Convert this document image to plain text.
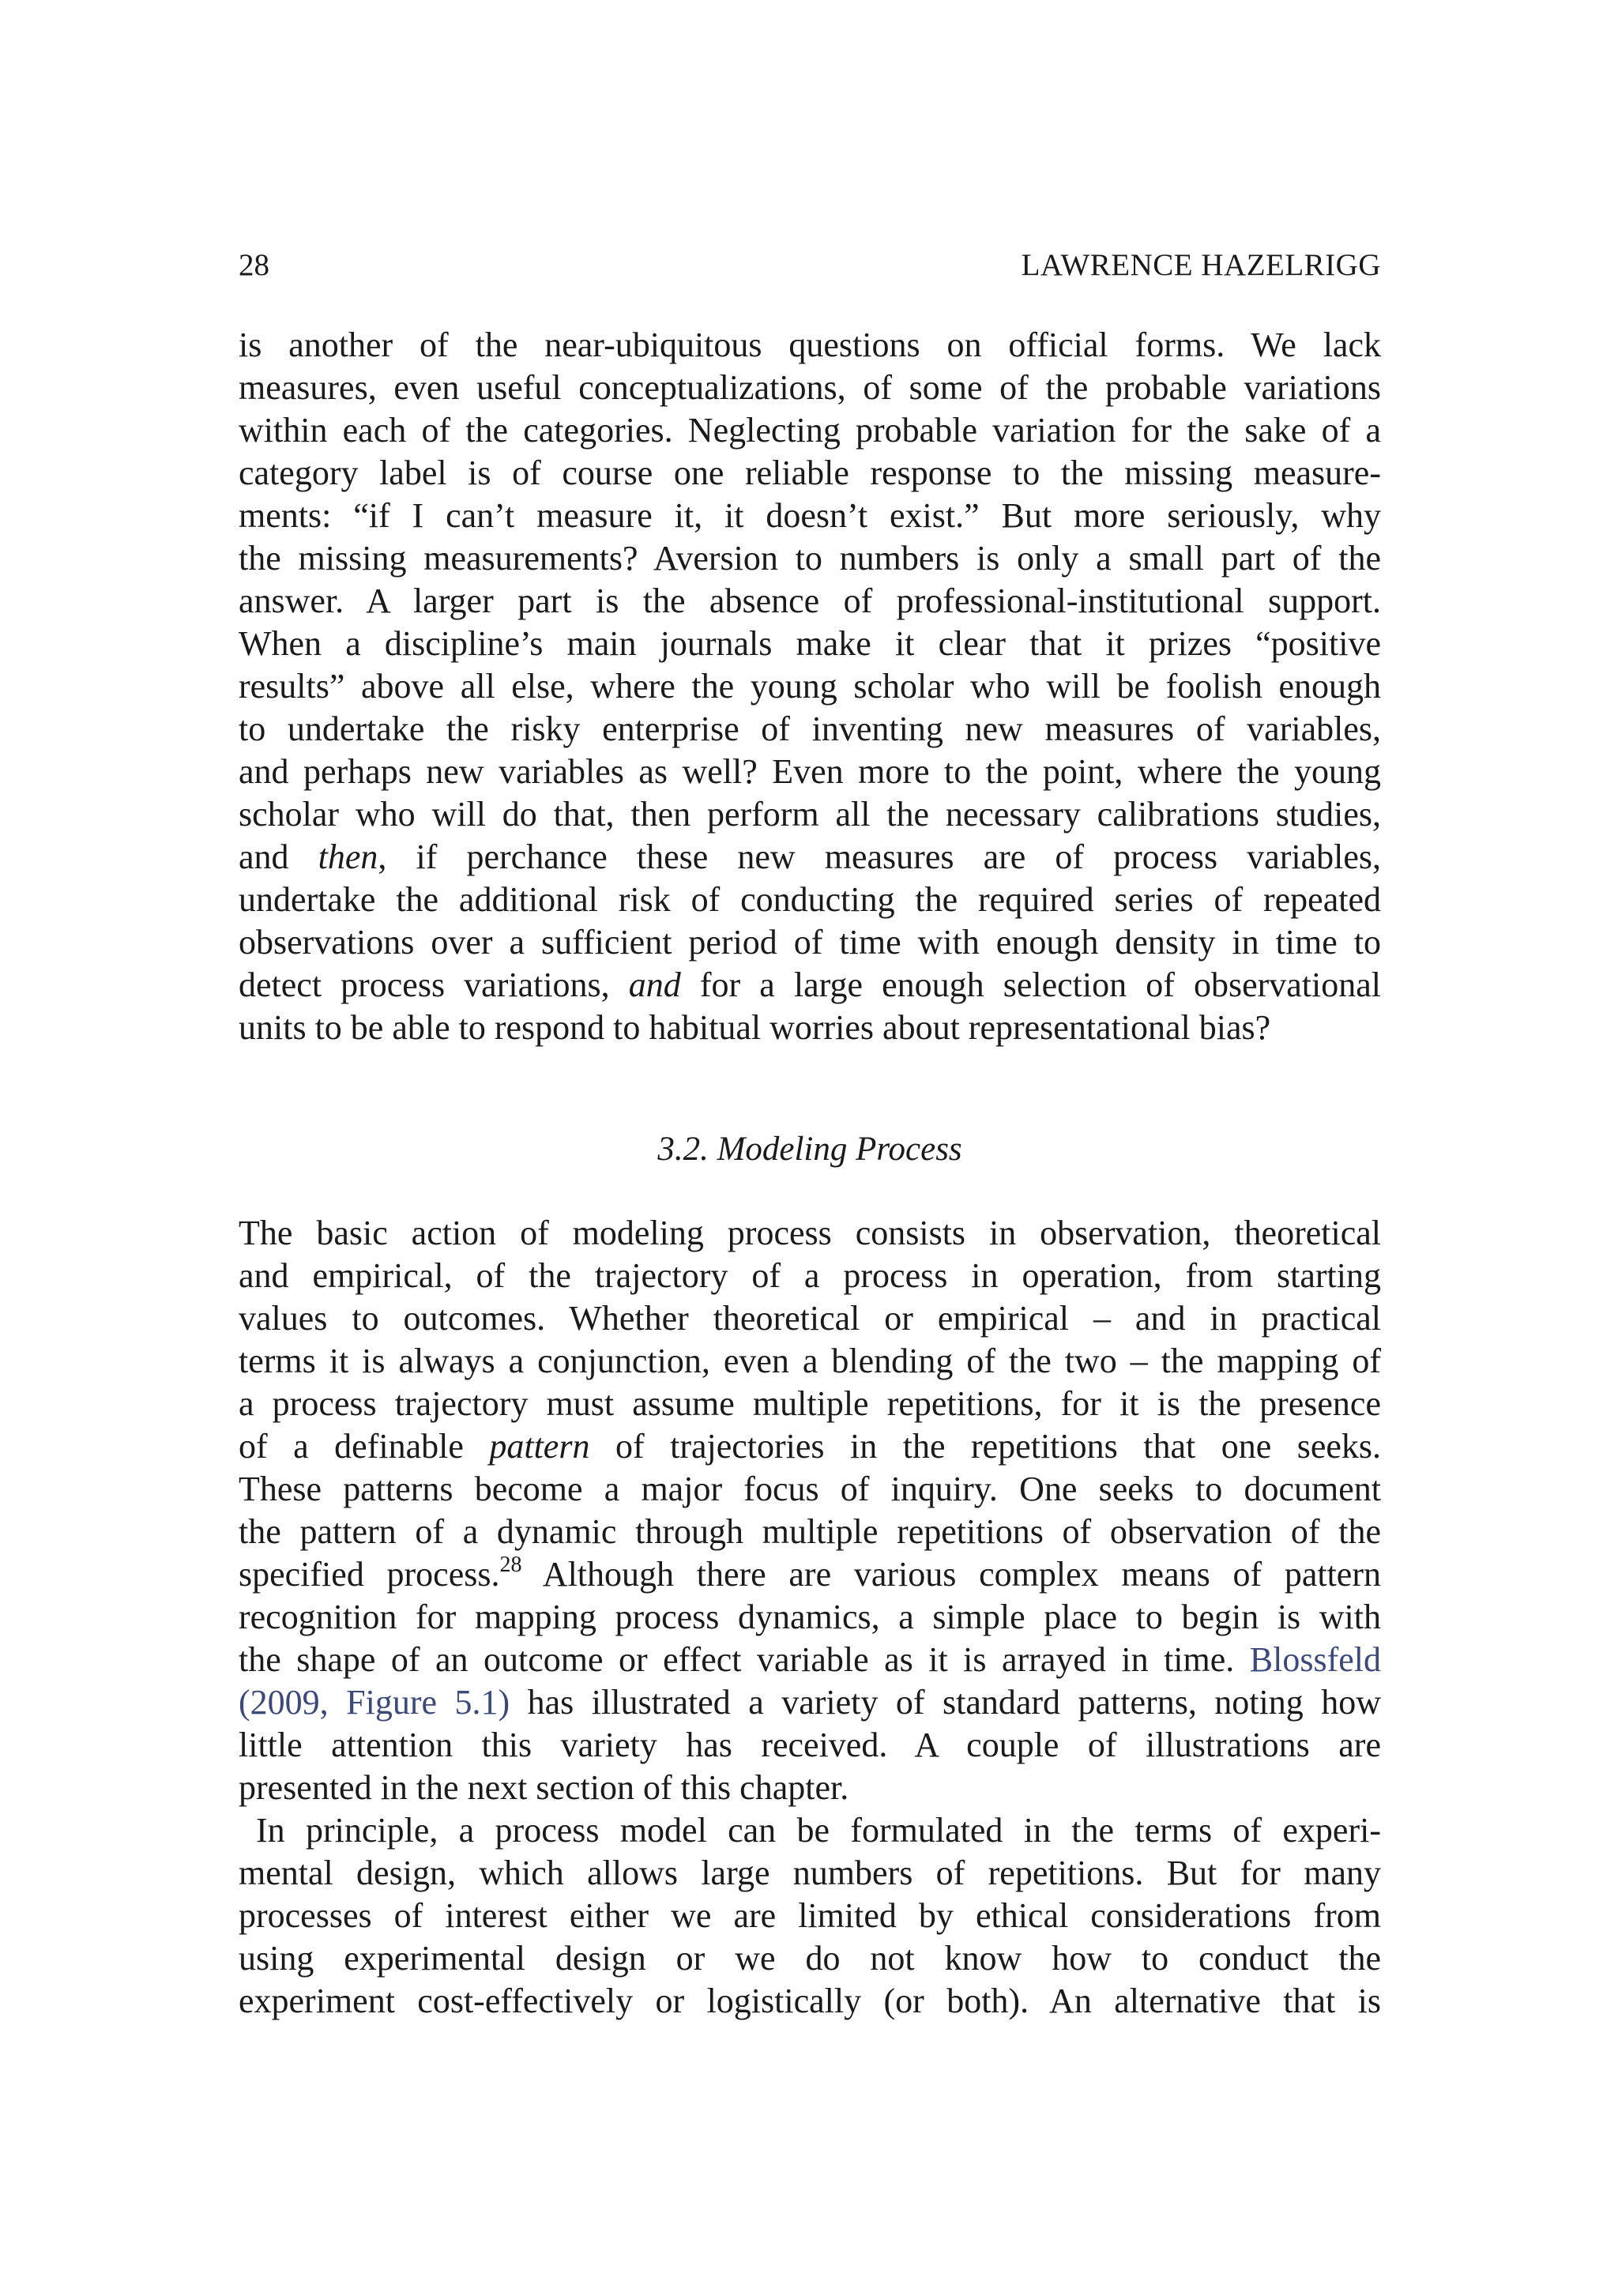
28	LAWRENCE HAZELRIGG
is another of the near-ubiquitous questions on official forms. We lack
measures, even useful conceptualizations, of some of the probable variations
within each of the categories. Neglecting probable variation for the sake of a
category label is of course one reliable response to the missing measure-
ments: “if I can’t measure it, it doesn’t exist.” But more seriously, why
the missing measurements? Aversion to numbers is only a small part of the
answer. A larger part is the absence of professional-institutional support.
When a discipline’s main journals make it clear that it prizes “positive
results” above all else, where the young scholar who will be foolish enough
to undertake the risky enterprise of inventing new measures of variables,
and perhaps new variables as well? Even more to the point, where the young
scholar who will do that, then perform all the necessary calibrations studies,
and then, if perchance these new measures are of process variables,
undertake the additional risk of conducting the required series of repeated
observations over a sufficient period of time with enough density in time to
detect process variations, and for a large enough selection of observational
units to be able to respond to habitual worries about representational bias?
3.2. Modeling Process
The basic action of modeling process consists in observation, theoretical
and empirical, of the trajectory of a process in operation, from starting
values to outcomes. Whether theoretical or empirical – and in practical
terms it is always a conjunction, even a blending of the two – the mapping of
a process trajectory must assume multiple repetitions, for it is the presence
of a definable pattern of trajectories in the repetitions that one seeks.
These patterns become a major focus of inquiry. One seeks to document
the pattern of a dynamic through multiple repetitions of observation of the
specified process.$^{28}$ Although there are various complex means of pattern
recognition for mapping process dynamics, a simple place to begin is with
the shape of an outcome or effect variable as it is arrayed in time. Blossfeld
(2009, Figure 5.1) has illustrated a variety of standard patterns, noting how
little attention this variety has received. A couple of illustrations are
presented in the next section of this chapter.
In principle, a process model can be formulated in the terms of experi-
mental design, which allows large numbers of repetitions. But for many
processes of interest either we are limited by ethical considerations from
using experimental design or we do not know how to conduct the
experiment cost-effectively or logistically (or both). An alternative that is
